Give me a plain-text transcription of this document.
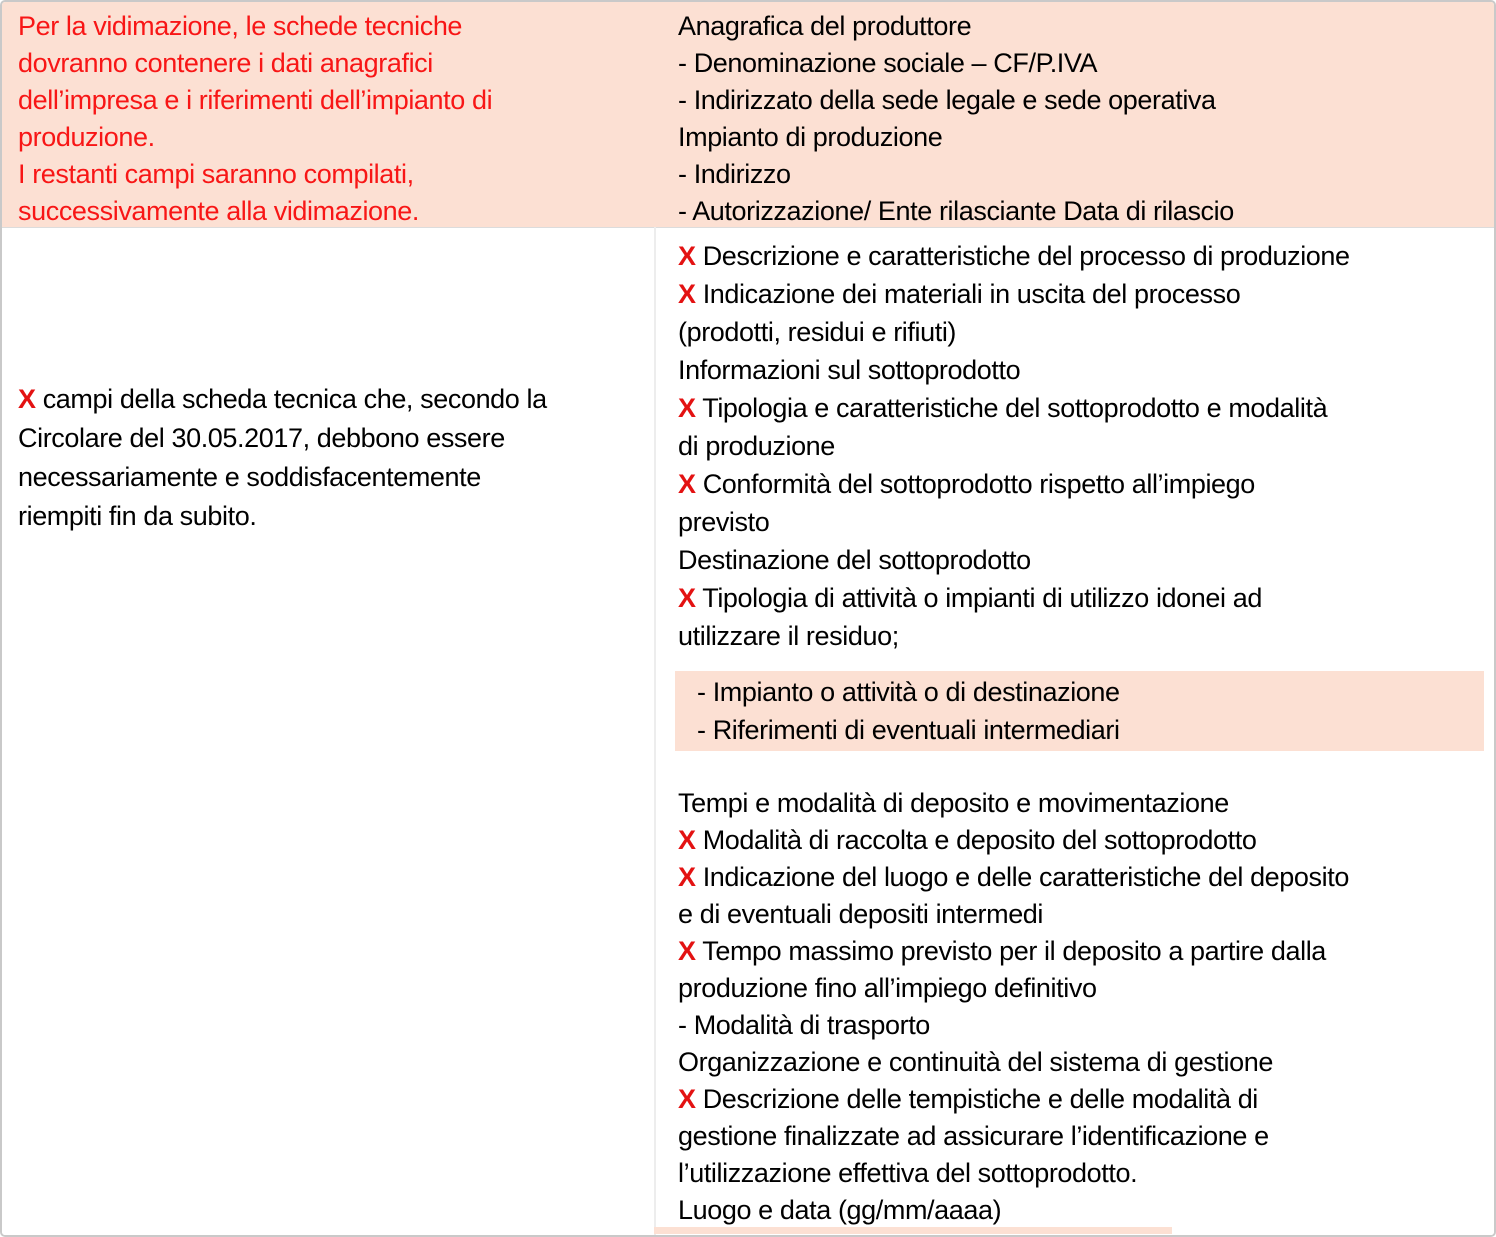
Per la vidimazione, le schede tecniche
dovranno contenere i dati anagrafici
dell’impresa e i riferimenti dell’impianto di
produzione.
I restanti campi saranno compilati,
successivamente alla vidimazione.
Anagrafica del produttore
- Denominazione sociale – CF/P.IVA
- Indirizzato della sede legale e sede operativa
Impianto di produzione
- Indirizzo
- Autorizzazione/ Ente rilasciante Data di rilascio
X campi della scheda tecnica che, secondo la
Circolare del 30.05.2017, debbono essere
necessariamente e soddisfacentemente
riempiti fin da subito.
X Descrizione e caratteristiche del processo di produzione
X Indicazione dei materiali in uscita del processo
(prodotti, residui e rifiuti)
Informazioni sul sottoprodotto
X Tipologia e caratteristiche del sottoprodotto e modalità
di produzione
X Conformità del sottoprodotto rispetto all’impiego
previsto
Destinazione del sottoprodotto
X Tipologia di attività o impianti di utilizzo idonei ad
utilizzare il residuo;
- Impianto o attività o di destinazione
- Riferimenti di eventuali intermediari
Tempi e modalità di deposito e movimentazione
X Modalità di raccolta e deposito del sottoprodotto
X Indicazione del luogo e delle caratteristiche del deposito
e di eventuali depositi intermedi
X Tempo massimo previsto per il deposito a partire dalla
produzione fino all’impiego definitivo
- Modalità di trasporto
Organizzazione e continuità del sistema di gestione
X Descrizione delle tempistiche e delle modalità di
gestione finalizzate ad assicurare l’identificazione e
l’utilizzazione effettiva del sottoprodotto.
Luogo e data (gg/mm/aaaa)
